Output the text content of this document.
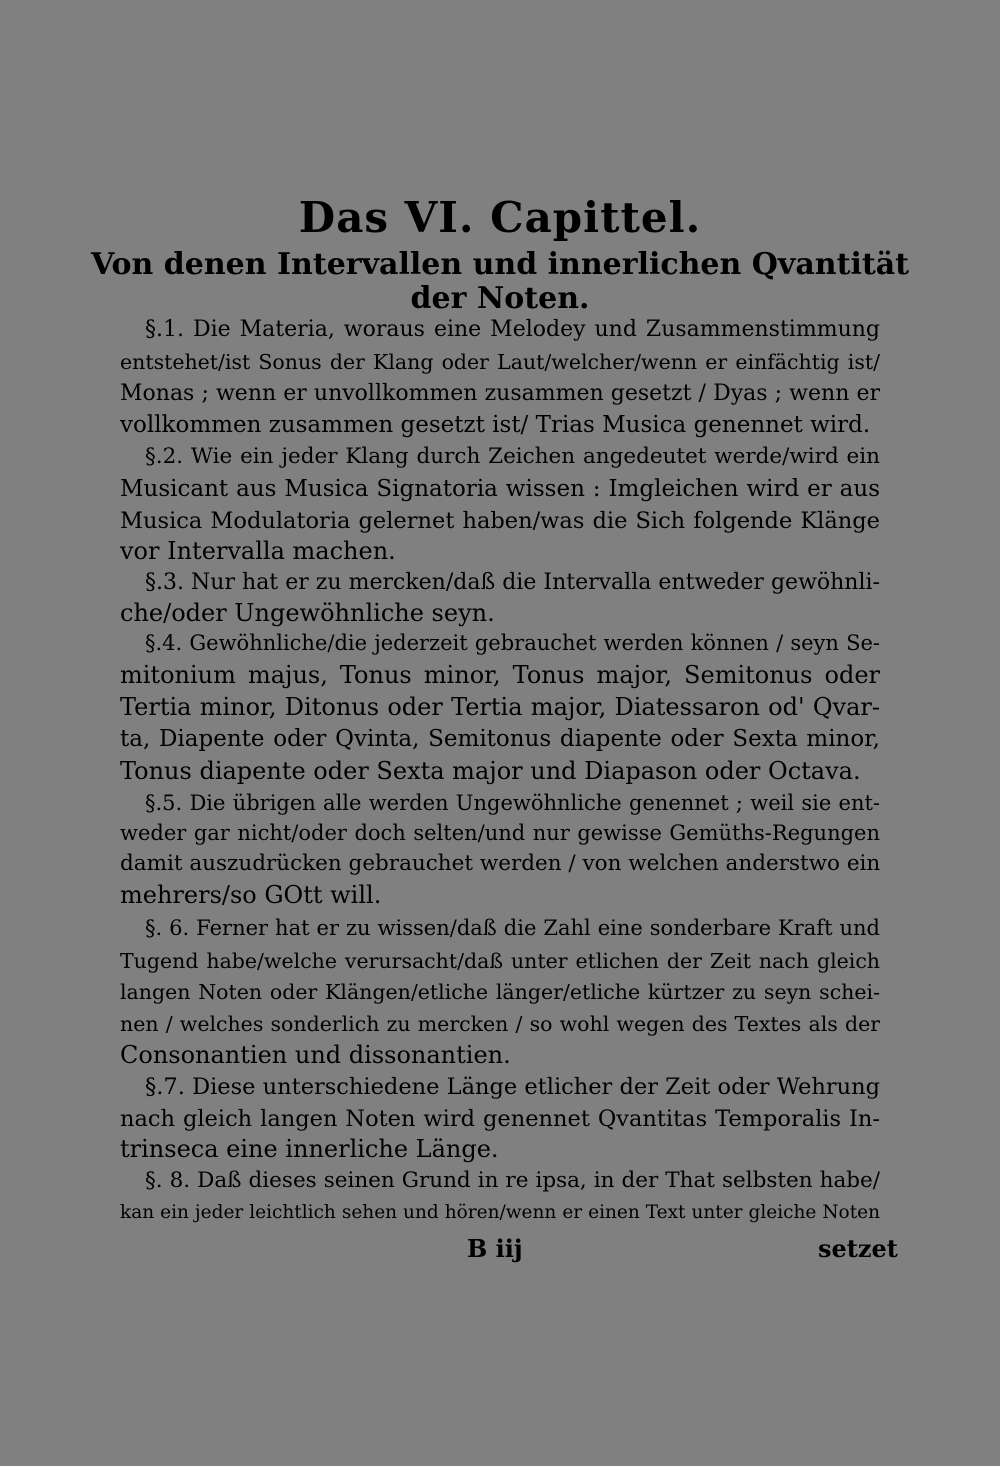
Das VI. Capittel.
Von denen Intervallen und innerlichen Qvantität
der Noten.
§.1. Die Materia, woraus eine Melodey und Zusammenstimmung
entstehet/ist Sonus der Klang oder Laut/welcher/wenn er einfächtig ist/
Monas ; wenn er unvollkommen zusammen gesetzt / Dyas ; wenn er
vollkommen zusammen gesetzt ist/ Trias Musica genennet wird.
§.2. Wie ein jeder Klang durch Zeichen angedeutet werde/wird ein
Musicant aus Musica Signatoria wissen : Imgleichen wird er aus
Musica Modulatoria gelernet haben/was die Sich folgende Klänge
vor Intervalla machen.
§.3. Nur hat er zu mercken/daß die Intervalla entweder gewöhnli-
che/oder Ungewöhnliche seyn.
§.4. Gewöhnliche/die jederzeit gebrauchet werden können / seyn Se-
mitonium majus, Tonus minor, Tonus major, Semitonus oder
Tertia minor, Ditonus oder Tertia major, Diatessaron od' Qvar-
ta, Diapente oder Qvinta, Semitonus diapente oder Sexta minor,
Tonus diapente oder Sexta major und Diapason oder Octava.
§.5. Die übrigen alle werden Ungewöhnliche genennet ; weil sie ent-
weder gar nicht/oder doch selten/und nur gewisse Gemüths-Regungen
damit auszudrücken gebrauchet werden / von welchen anderstwo ein
mehrers/so GOtt will.
§. 6. Ferner hat er zu wissen/daß die Zahl eine sonderbare Kraft und
Tugend habe/welche verursacht/daß unter etlichen der Zeit nach gleich
langen Noten oder Klängen/etliche länger/etliche kürtzer zu seyn schei-
nen / welches sonderlich zu mercken / so wohl wegen des Textes als der
Consonantien und dissonantien.
§.7. Diese unterschiedene Länge etlicher der Zeit oder Wehrung
nach gleich langen Noten wird genennet Qvantitas Temporalis In-
trinseca eine innerliche Länge.
§. 8. Daß dieses seinen Grund in re ipsa, in der That selbsten habe/
kan ein jeder leichtlich sehen und hören/wenn er einen Text unter gleiche Noten
B iij	setzet
